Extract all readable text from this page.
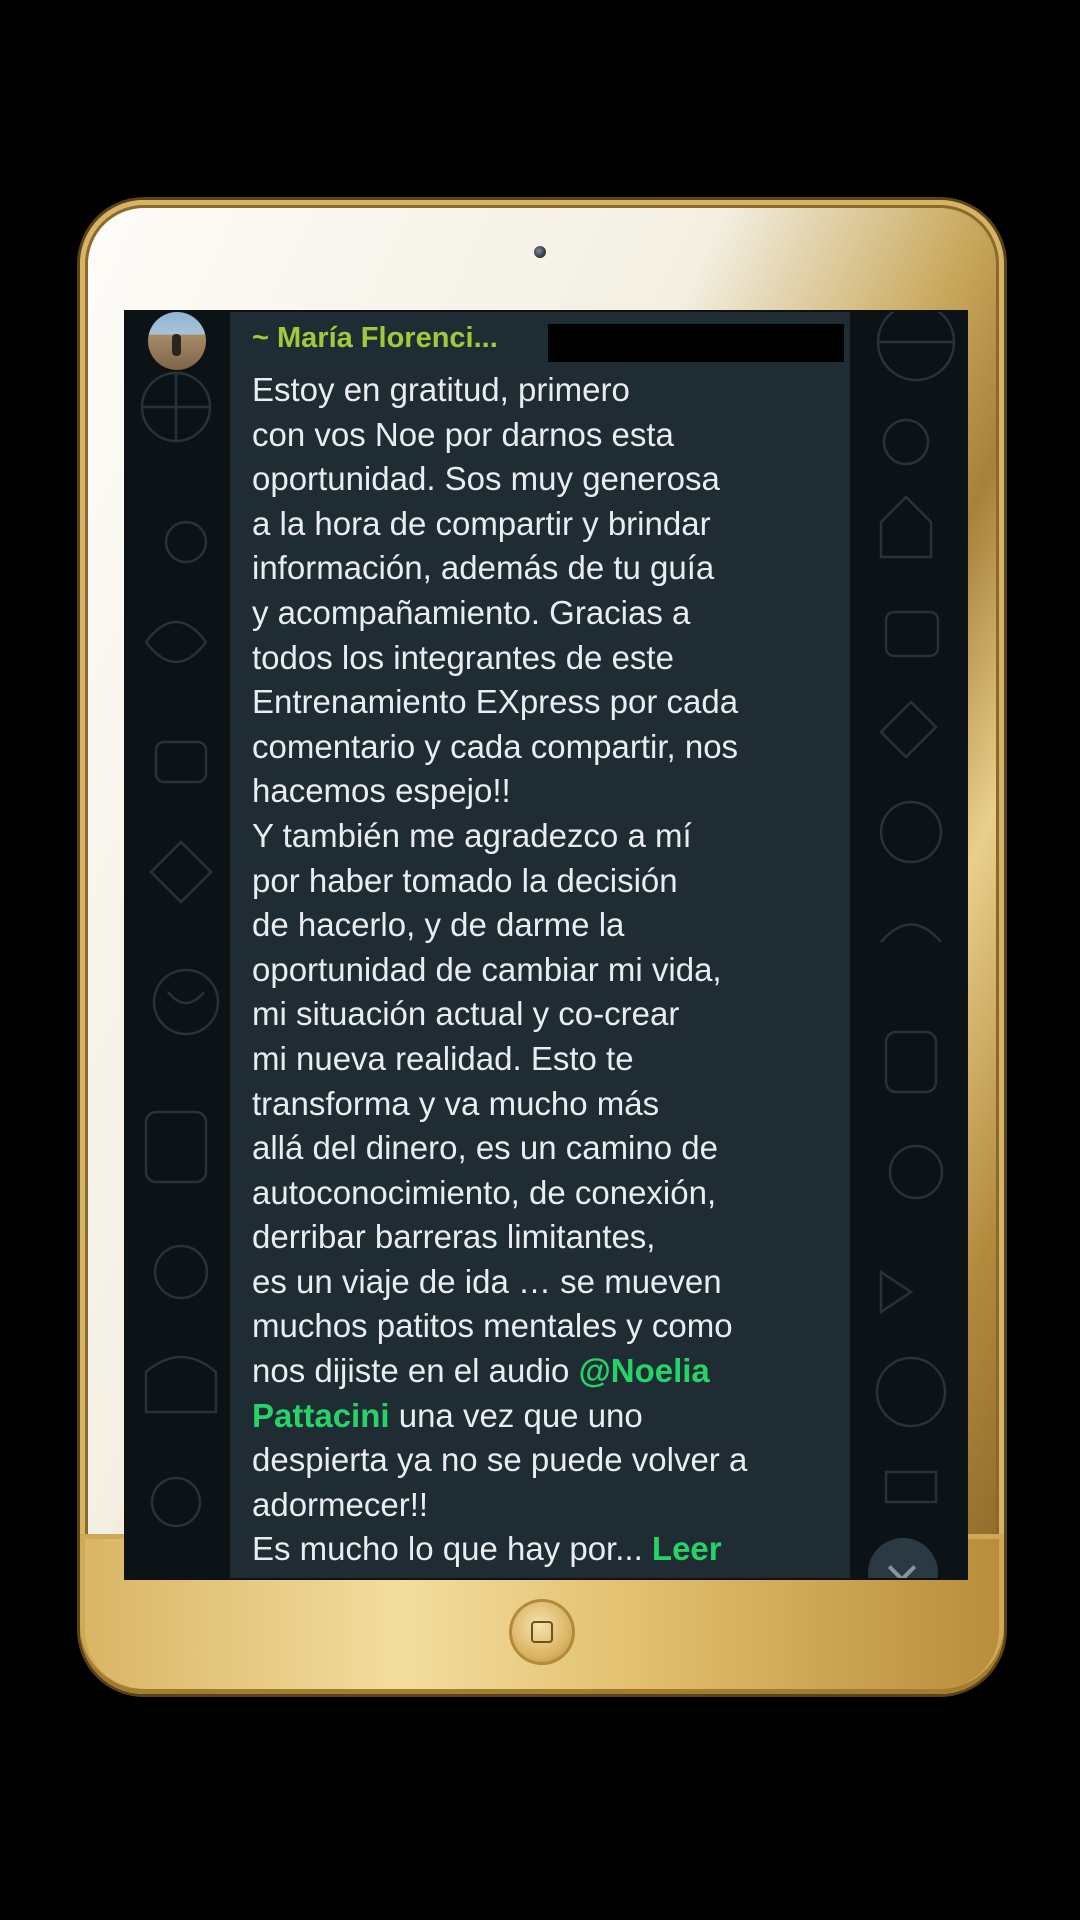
~ María Florenci...
Estoy en gratitud, primero
con vos Noe por darnos esta
oportunidad. Sos muy generosa
a la hora de compartir y brindar
información, además de tu guía
y acompañamiento. Gracias a
todos los integrantes de este
Entrenamiento EXpress por cada
comentario y cada compartir, nos
hacemos espejo!!
Y también me agradezco a mí
por haber tomado la decisión
de hacerlo, y de darme la
oportunidad de cambiar mi vida,
mi situación actual y co-crear
mi nueva realidad. Esto te
transforma y va mucho más
allá del dinero, es un camino de
autoconocimiento, de conexión,
derribar barreras limitantes,
es un viaje de ida … se mueven
muchos patitos mentales y como
nos dijiste en el audio @Noelia
Pattacini una vez que uno
despierta ya no se puede volver a
adormecer!!
Es mucho lo que hay por... Leer
